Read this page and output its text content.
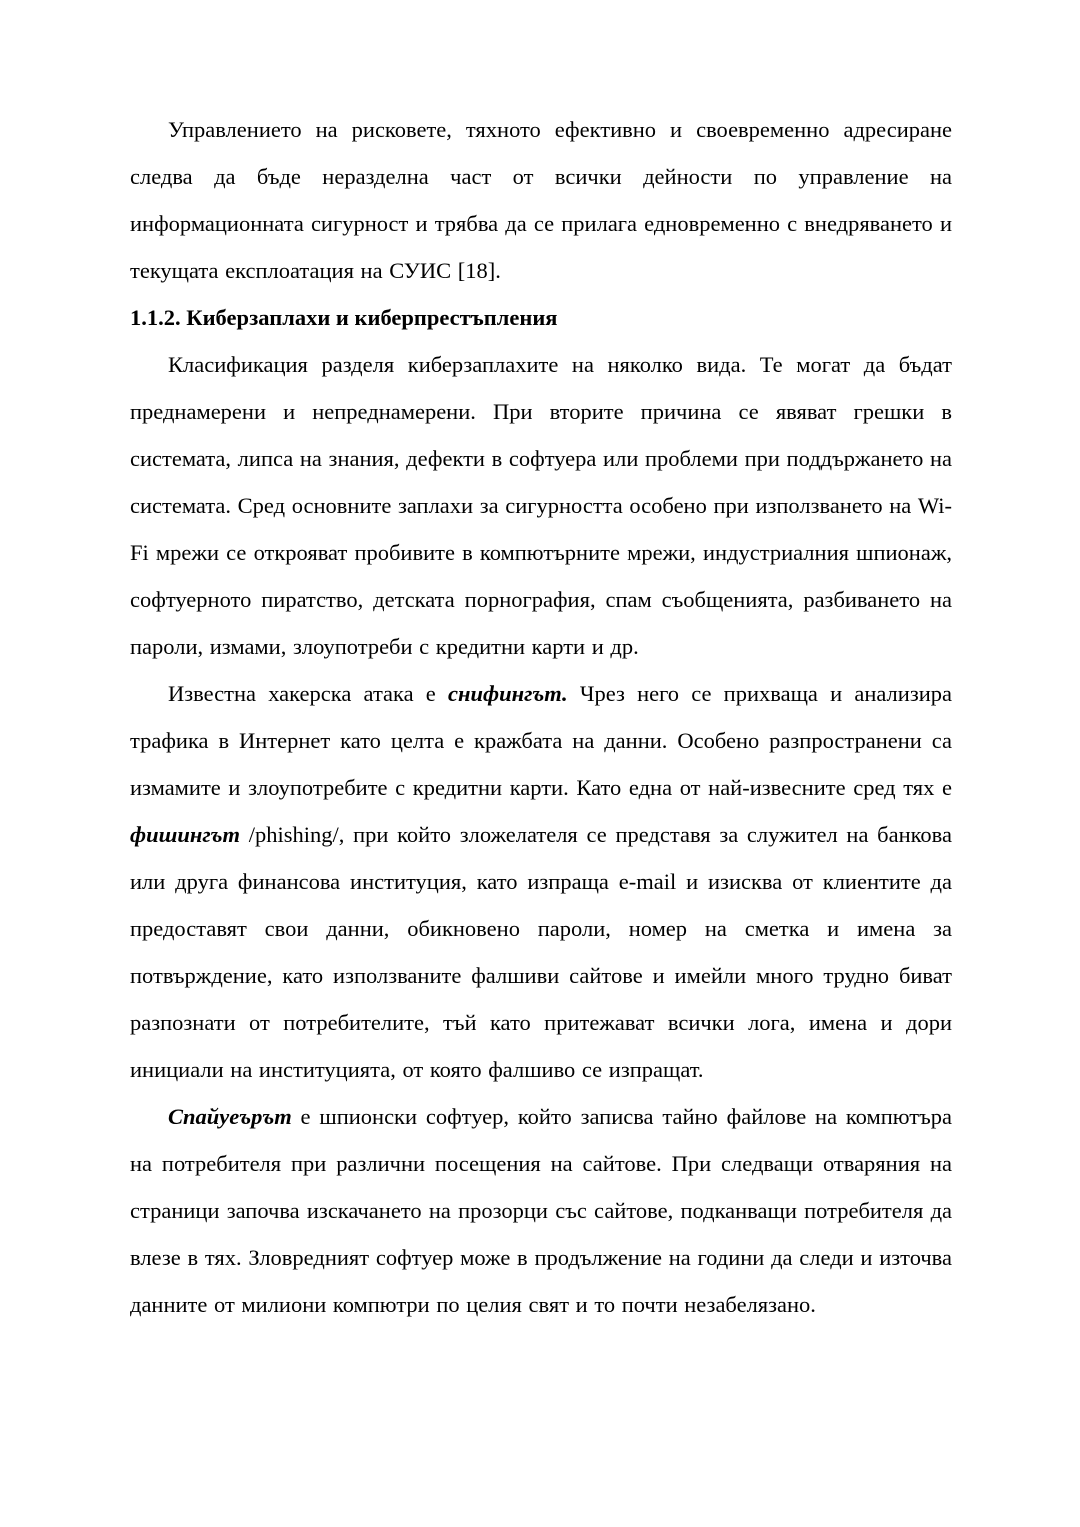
Управлението на рисковете, тяхното ефективно и своевременно адресиране следва да бъде неразделна част от всички дейности по управление на информационната сигурност и трябва да се прилага едновременно с внедряването и текущата експлоатация на СУИС [18].

1.1.2. Киберзаплахи и киберпрестъпления

Класификация разделя киберзаплахите на няколко вида. Те могат да бъдат преднамерени и непреднамерени. При вторите причина се явяват грешки в системата, липса на знания, дефекти в софтуера или проблеми при поддържането на системата. Сред основните заплахи за сигурността особено при използването на Wi-Fi мрежи се открояват пробивите в компютърните мрежи, индустриалния шпионаж, софтуерното пиратство, детската порнография, спам съобщенията, разбиването на пароли, измами, злоупотреби с кредитни карти и др.

Известна хакерска атака е снифингът. Чрез него се прихваща и анализира трафика в Интернет като целта е кражбата на данни. Особено разпространени са измамите и злоупотребите с кредитни карти. Като една от най-извесните сред тях е фишингът /phishing/, при който зложелателя се представя за служител на банкова или друга финансова институция, като изпраща e-mail и изисква от клиентите да предоставят свои данни, обикновено пароли, номер на сметка и имена за потвърждение, като използваните фалшиви сайтове и имейли много трудно биват разпознати от потребителите, тъй като притежават всички лога, имена и дори инициали на институцията, от която фалшиво се изпращат.

Спайуеърът е шпионски софтуер, който записва тайно файлове на компютъра на потребителя при различни посещения на сайтове. При следващи отваряния на страници започва изскачането на прозорци със сайтове, подканващи потребителя да влезе в тях. Зловредният софтуер може в продължение на години да следи и източва данните от милиони компютри по целия свят и то почти незабелязано.
